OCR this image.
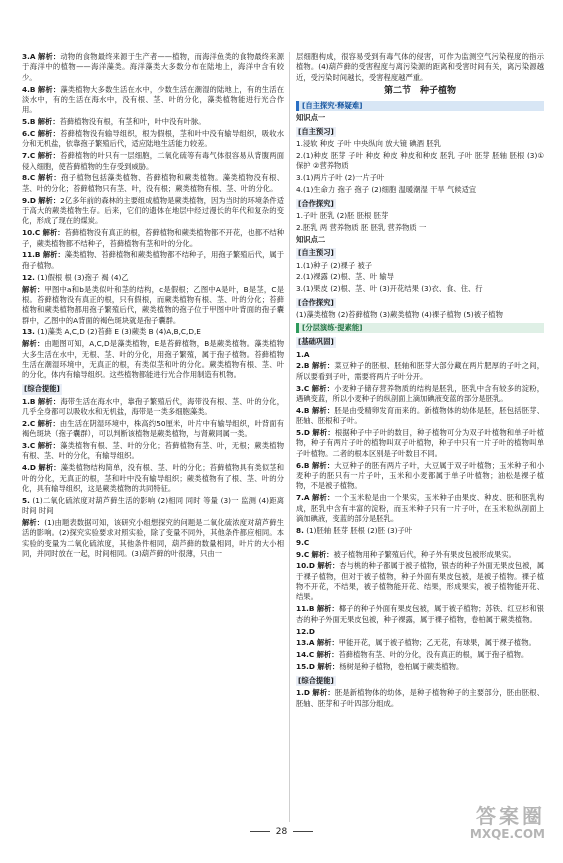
3.A 解析：动物的食物最终来源于生产者——植物，而海洋鱼类的食物最终来源于海洋中的植物——海洋藻类。海洋藻类大多数分布在陆地上，海洋中含有较少。

4.B 解析：藻类植物大多数生活在水中，少数生活在潮湿的陆地上，有的生活在淡水中，有的生活在海水中，没有根、茎、叶的分化，藻类植物能进行光合作用。

5.B 解析：苔藓植物没有根，有茎和叶，叶中没有叶脉。

6.C 解析：苔藓植物没有输导组织，根为假根，茎和叶中没有输导组织，吸收水分和无机盐，依靠孢子繁殖后代，适应陆地生活能力较差。

7.C 解析：苔藓植物的叶只有一层细胞，二氧化硫等有毒气体很容易从背腹两面侵入细胞，使苔藓植物的生存受到威胁。

8.C 解析：孢子植物包括藻类植物、苔藓植物和蕨类植物。藻类植物没有根、茎、叶的分化；苔藓植物只有茎、叶，没有根；蕨类植物有根、茎、叶的分化。

9.D 解析：2亿多年前的森林的主要组成植物是蕨类植物，因为当时的环境条件适于高大的蕨类植物生存。后来，它们的遗体在地层中经过漫长的年代和复杂的变化，形成了现在的煤炭。

10.C 解析：苔藓植物没有真正的根，苔藓植物和蕨类植物都不开花，也都不结种子，蕨类植物都不结种子，苔藓植物有茎和叶的分化。

11.B 解析：藻类植物、苔藓植物和蕨类植物都不结种子，用孢子繁殖后代，属于孢子植物。

12. (1)假根 根 (3)孢子 褐 (4)乙

解析：甲图中a和b是类似叶和茎的结构，c是假根；乙图中A是叶，B是茎，C是根。苔藓植物没有真正的根，只有假根，而蕨类植物有根、茎、叶的分化；苔藓植物和蕨类植物都用孢子繁殖后代，蕨类植物的孢子位于甲图中叶背面的孢子囊群中，乙图中的A背面的褐色斑块就是孢子囊群。

13. (1)藻类 A,C,D (2)苔藓 E (3)蕨类 B (4)A,B,C,D,E

解析：由题图可知，A,C,D是藻类植物，E是苔藓植物，B是蕨类植物。藻类植物大多生活在水中，无根、茎、叶的分化，用孢子繁殖，属于孢子植物。苔藓植物生活在潮湿环境中，无真正的根，有类似茎和叶的分化。蕨类植物有根、茎、叶的分化，体内有输导组织。这些植物都能进行光合作用制造有机物。

[综合提能]

1.B 解析：海带生活在海水中，靠孢子繁殖后代，海带没有根、茎、叶的分化，几乎全身都可以吸收水和无机盐，海带是一类多细胞藻类。

2.C 解析：由生活在阴湿环境中，株高约50厘米，叶片中有输导组织，叶背面有褐色斑块（孢子囊群），可以判断该植物是蕨类植物，与肾蕨同属一类。

3.C 解析：藻类植物有根、茎、叶的分化；苔藓植物有茎、叶，无根；蕨类植物有根、茎、叶的分化，有输导组织。

4.D 解析：藻类植物结构简单，没有根、茎、叶的分化；苔藓植物具有类似茎和叶的分化，无真正的根，茎和叶中没有输导组织；蕨类植物有了根、茎、叶的分化，具有输导组织，这是蕨类植物的共同特征。

5. (1)二氧化硫浓度对葫芦藓生活的影响 (2)相同 同时 等量 (3)一 监测 (4)距离 时间 时间

解析：(1)由题表数据可知，该研究小组想探究的问题是二氧化硫浓度对葫芦藓生活的影响。(2)探究实验要求对照实验，除了变量不同外，其他条件都应相同。本实验的变量为二氧化硫浓度，其他条件相同，葫芦藓的数量相同，叶片的大小相同，并同时放在一起，时间相同。(3)葫芦藓的叶很薄，只由一

层细胞构成，很容易受到有毒气体的侵害，可作为监测空气污染程度的指示植物。(4)葫芦藓的受害程度与离污染源的距离和受害时间有关，离污染源越近，受污染时间越长，受害程度越严重。

第二节　种子植物
[自主探究·释疑难]
知识点一
[自主预习]

1.浸软 种皮 子叶 中央纵向 放大镜 碘酒 胚乳

2.(1)种皮 胚芽 子叶 种皮 种皮 种皮和种皮 胚乳 子叶 胚芽 胚轴 胚根 (3)①保护 ②营养物质

3.(1)两片子叶 (2)一片子叶

4.(1)生命力 孢子 孢子 (2)细胞 温暖潮湿 干旱 气候适宜

[合作探究]

1.子叶 胚乳 (2)胚 胚根 胚芽

2.胚乳 两 营养物质 胚 胚乳 营养物质 一

知识点二
[自主预习]

1.(1)种子 (2)裸子 被子

2.(1)裸露 (2)根、茎、叶 输导

3.(1)果皮 (2)根、茎、叶 (3)开花结果 (3)衣、食、住、行

[合作探究]

(1)藻类植物 (2)苔藓植物 (3)蕨类植物 (4)裸子植物 (5)被子植物

[分层演练·提素能]
[基础巩固]

1.A

2.B 解析：菜豆种子的胚根、胚轴和胚芽大部分藏在两片肥厚的子叶之间，所以要看到子叶，需要将两片子叶分开。

3.C 解析：小麦种子储存营养物质的结构是胚乳，胚乳中含有较多的淀粉，遇碘变蓝，所以小麦种子的纵剖面上滴加碘液变蓝的部分是胚乳。

4.B 解析：胚是由受精卵发育而来的。新植物体的幼体是胚，胚包括胚芽、胚轴、胚根和子叶。

5.D 解析：根据种子中子叶的数目，种子植物可分为双子叶植物和单子叶植物，种子有两片子叶的植物叫双子叶植物，种子中只有一片子叶的植物叫单子叶植物。二者的根本区别是子叶数目不同。

6.B 解析：大豆种子的胚有两片子叶，大豆属于双子叶植物；玉米种子和小麦种子的胚只有一片子叶，玉米和小麦都属于单子叶植物；油松是裸子植物，不是被子植物。

7.A 解析：一个玉米粒是由一个果实，玉米种子由果皮、种皮、胚和胚乳构成，胚乳中含有丰富的淀粉，而玉米种子只有一片子叶，在玉米粒纵剖面上滴加碘液，变蓝的部分是胚乳。

8. (1)胚轴 胚芽 胚根 (2)胚 (3)子叶

9.C

9.C 解析：被子植物用种子繁殖后代，种子外有果皮包被形成果实。

10.D 解析：杏与桃的种子都属于被子植物，银杏的种子外面无果皮包被，属于裸子植物，但对于被子植物，种子外面有果皮包被，是被子植物。裸子植物不开花，不结果，被子植物能开花、结果，形成果实，被子植物能开花、结果。

11.B 解析：椰子的种子外面有果皮包被，属于被子植物；苏铁、红豆杉和银杏的种子外面无果皮包被，种子裸露，属于裸子植物，卷柏属于蕨类植物。

12.D

13.A 解析：甲能开花，属于被子植物；乙无花，有球果，属于裸子植物。

14.C 解析：苔藓植物有茎、叶的分化，没有真正的根，属于孢子植物。

15.D 解析：杨树是种子植物，卷柏属于蕨类植物。

[综合提能]

1.D 解析：胚是新植物体的幼体，是种子植物种子的主要部分，胚由胚根、胚轴、胚芽和子叶四部分组成。

28
答案圈
MXQE.COM
